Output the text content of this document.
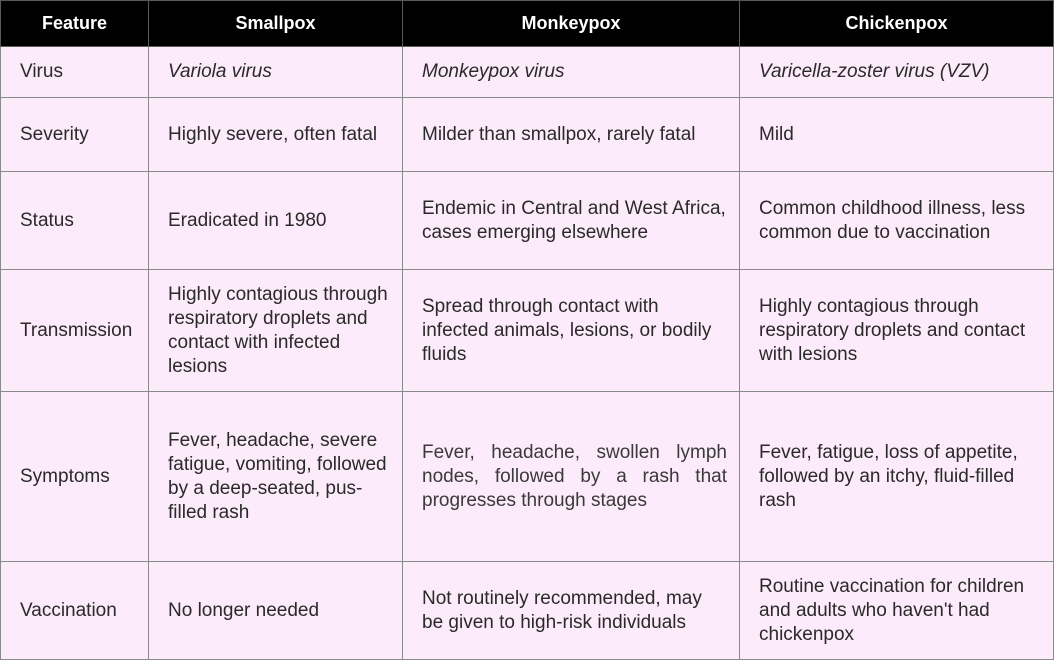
Feature	Smallpox	Monkeypox	Chickenpox
Virus	Variola virus	Monkeypox virus	Varicella-zoster virus (VZV)
Severity	Highly severe, often fatal	Milder than smallpox, rarely fatal	Mild
Status	Eradicated in 1980	Endemic in Central and West Africa, cases emerging elsewhere	Common childhood illness, less common due to vaccination
Transmission	Highly contagious through respiratory droplets and contact with infected lesions	Spread through contact with infected animals, lesions, or bodily fluids	Highly contagious through respiratory droplets and contact with lesions
Symptoms	Fever, headache, severe fatigue, vomiting, followed by a deep-seated, pus-filled rash	Fever, headache, swollen lymph nodes, followed by a rash that progresses through stages	Fever, fatigue, loss of appetite, followed by an itchy, fluid-filled rash
Vaccination	No longer needed	Not routinely recommended, may be given to high-risk individuals	Routine vaccination for children and adults who haven't had chickenpox
